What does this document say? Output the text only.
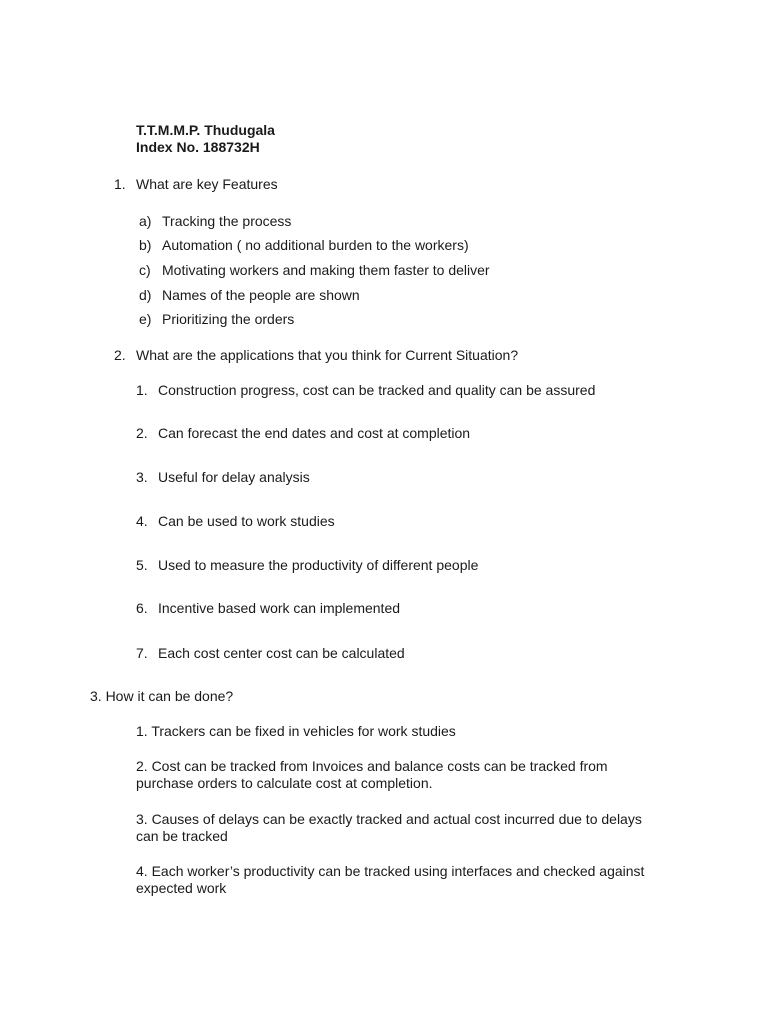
T.T.M.M.P. Thudugala
Index No. 188732H
1. What are key Features
a) Tracking the process
b) Automation ( no additional burden to the workers)
c) Motivating workers and making them faster to deliver
d) Names of the people are shown
e) Prioritizing the orders
2. What are the applications that you think for Current Situation?
1. Construction progress, cost can be tracked and quality can be assured
2. Can forecast the end dates and cost at completion
3. Useful for delay analysis
4. Can be used to work studies
5. Used to measure the productivity of different people
6. Incentive based work can implemented
7. Each cost center cost can be calculated
3. How it can be done?
1. Trackers can be fixed in vehicles for work studies
2. Cost can be tracked from Invoices and balance costs can be tracked from purchase orders to calculate cost at completion.
3. Causes of delays can be exactly tracked and actual cost incurred due to delays can be tracked
4. Each worker’s productivity can be tracked using interfaces and checked against expected work
